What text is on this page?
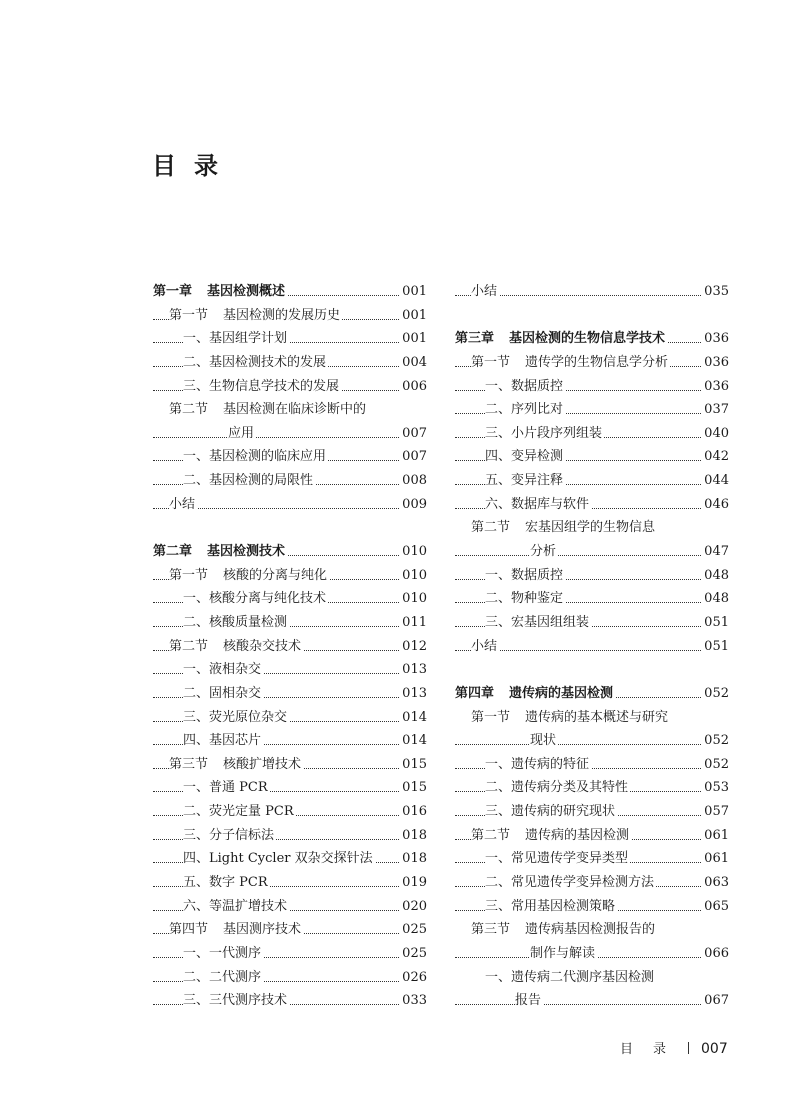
目录
第一章 基因检测概述	001
第一节 基因检测的发展历史	001
一、基因组学计划	001
二、基因检测技术的发展	004
三、生物信息学技术的发展	006
第二节 基因检测在临床诊断中的
应用	007
一、基因检测的临床应用	007
二、基因检测的局限性	008
小结	009
第二章 基因检测技术	010
第一节 核酸的分离与纯化	010
一、核酸分离与纯化技术	010
二、核酸质量检测	011
第二节 核酸杂交技术	012
一、液相杂交	013
二、固相杂交	013
三、荧光原位杂交	014
四、基因芯片	014
第三节 核酸扩增技术	015
一、普通 PCR	015
二、荧光定量 PCR	016
三、分子信标法	018
四、Light Cycler 双杂交探针法 018
五、数字 PCR	019
六、等温扩增技术	020
第四节 基因测序技术	025
一、一代测序	025
二、二代测序	026
三、三代测序技术	033
小结	035
第三章 基因检测的生物信息学技术	036
第一节 遗传学的生物信息学分析	036
一、数据质控	036
二、序列比对	037
三、小片段序列组装	040
四、变异检测	042
五、变异注释	044
六、数据库与软件	046
第二节 宏基因组学的生物信息
分析	047
一、数据质控	048
二、物种鉴定	048
三、宏基因组组装	051
小结	051
第四章 遗传病的基因检测	052
第一节 遗传病的基本概述与研究
现状	052
一、遗传病的特征	052
二、遗传病分类及其特性	053
三、遗传病的研究现状	057
第二节 遗传病的基因检测	061
一、常见遗传学变异类型	061
二、常见遗传学变异检测方法	063
三、常用基因检测策略	065
第三节 遗传病基因检测报告的
制作与解读	066
一、遗传病二代测序基因检测
报告	067
目录 007
